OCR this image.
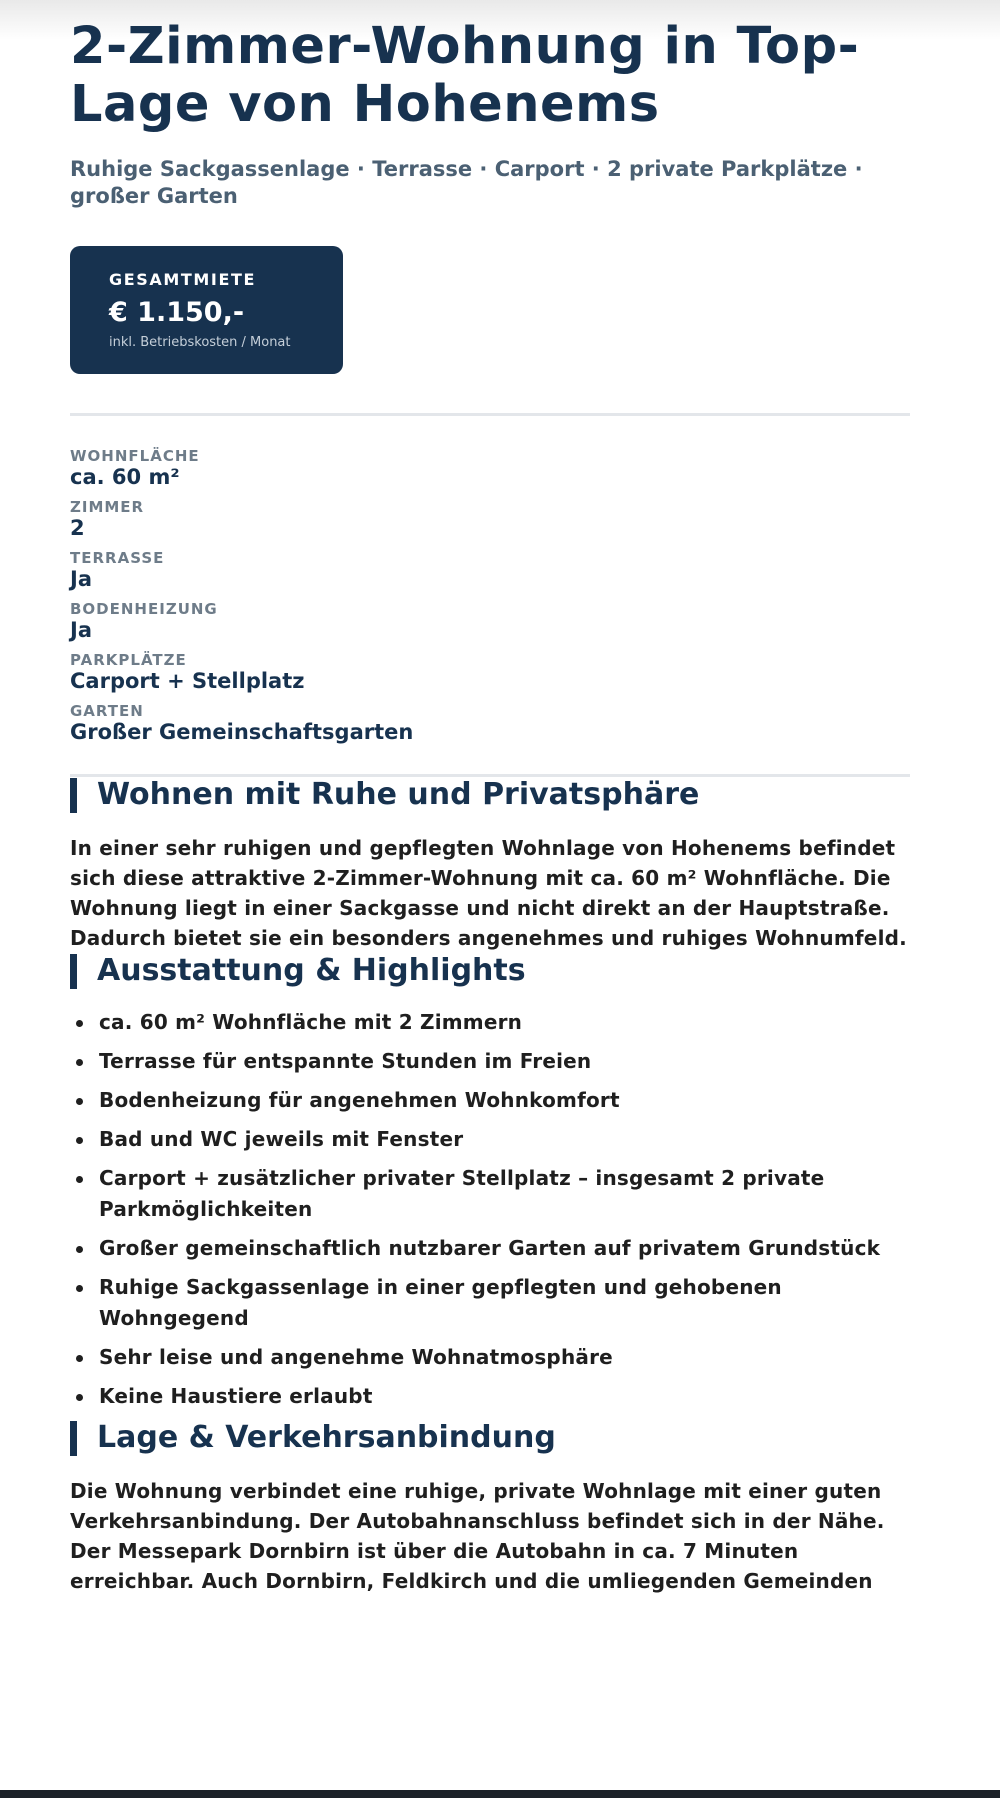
2-Zimmer-Wohnung in Top-Lage von Hohenems
Ruhige Sackgassenlage · Terrasse · Carport · 2 private Parkplätze · großer Garten
GESAMTMIETE
€ 1.150,-
inkl. Betriebskosten / Monat
WOHNFLÄCHE
ca. 60 m²
ZIMMER
2
TERRASSE
Ja
BODENHEIZUNG
Ja
PARKPLÄTZE
Carport + Stellplatz
GARTEN
Großer Gemeinschaftsgarten
Wohnen mit Ruhe und Privatsphäre

In einer sehr ruhigen und gepflegten Wohnlage von Hohenems befindet sich diese attraktive 2-Zimmer-Wohnung mit ca. 60 m² Wohnfläche. Die Wohnung liegt in einer Sackgasse und nicht direkt an der Hauptstraße. Dadurch bietet sie ein besonders angenehmes und ruhiges Wohnumfeld.

Ausstattung & Highlights
ca. 60 m² Wohnfläche mit 2 Zimmern
Terrasse für entspannte Stunden im Freien
Bodenheizung für angenehmen Wohnkomfort
Bad und WC jeweils mit Fenster
Carport + zusätzlicher privater Stellplatz – insgesamt 2 private Parkmöglichkeiten
Großer gemeinschaftlich nutzbarer Garten auf privatem Grundstück
Ruhige Sackgassenlage in einer gepflegten und gehobenen Wohngegend
Sehr leise und angenehme Wohnatmosphäre
Keine Haustiere erlaubt
Lage & Verkehrsanbindung

Die Wohnung verbindet eine ruhige, private Wohnlage mit einer guten Verkehrsanbindung. Der Autobahnanschluss befindet sich in der Nähe. Der Messepark Dornbirn ist über die Autobahn in ca. 7 Minuten erreichbar. Auch Dornbirn, Feldkirch und die umliegenden Gemeinden
